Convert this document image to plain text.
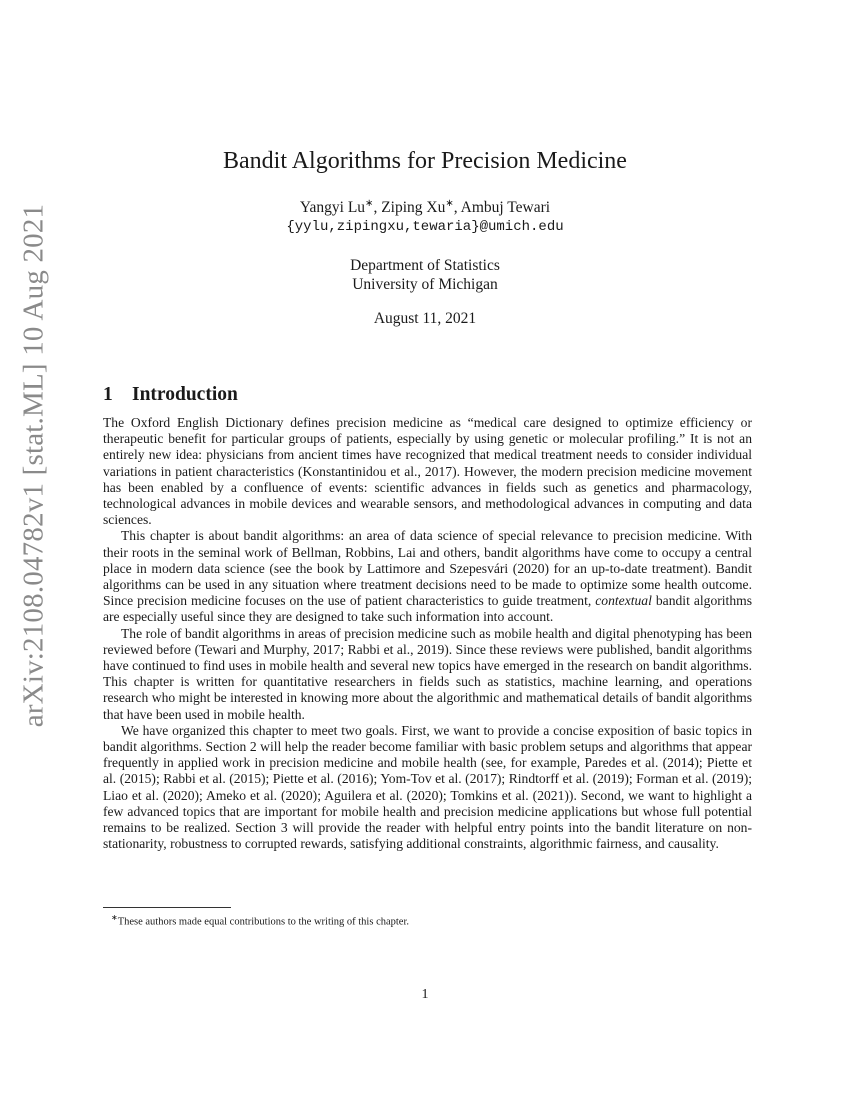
arXiv:2108.04782v1 [stat.ML] 10 Aug 2021
Bandit Algorithms for Precision Medicine
Yangyi Lu∗, Ziping Xu∗, Ambuj Tewari
{yylu,zipingxu,tewaria}@umich.edu
Department of Statistics
University of Michigan
August 11, 2021
1 Introduction

The Oxford English Dictionary defines precision medicine as “medical care designed to optimize efficiency or therapeutic benefit for particular groups of patients, especially by using genetic or molecular profiling.” It is not an entirely new idea: physicians from ancient times have recognized that medical treatment needs to consider individual variations in patient characteristics (Konstantinidou et al., 2017). However, the modern precision medicine movement has been enabled by a confluence of events: scientific advances in fields such as genetics and pharmacology, technological advances in mobile devices and wearable sensors, and methodological advances in computing and data sciences.

This chapter is about bandit algorithms: an area of data science of special relevance to precision medicine. With their roots in the seminal work of Bellman, Robbins, Lai and others, bandit algorithms have come to occupy a central place in modern data science (see the book by Lattimore and Szepesvári (2020) for an up-to-date treatment). Bandit algorithms can be used in any situation where treatment decisions need to be made to optimize some health outcome. Since precision medicine focuses on the use of patient characteristics to guide treatment, contextual bandit algorithms are especially useful since they are designed to take such information into account.

The role of bandit algorithms in areas of precision medicine such as mobile health and digital phenotyping has been reviewed before (Tewari and Murphy, 2017; Rabbi et al., 2019). Since these reviews were published, bandit algorithms have continued to find uses in mobile health and several new topics have emerged in the research on bandit algorithms. This chapter is written for quantitative researchers in fields such as statistics, machine learning, and operations research who might be interested in knowing more about the algorithmic and mathematical details of bandit algorithms that have been used in mobile health.

We have organized this chapter to meet two goals. First, we want to provide a concise exposition of basic topics in bandit algorithms. Section 2 will help the reader become familiar with basic problem setups and algorithms that appear frequently in applied work in precision medicine and mobile health (see, for example, Paredes et al. (2014); Piette et al. (2015); Rabbi et al. (2015); Piette et al. (2016); Yom-Tov et al. (2017); Rindtorff et al. (2019); Forman et al. (2019); Liao et al. (2020); Ameko et al. (2020); Aguilera et al. (2020); Tomkins et al. (2021)). Second, we want to highlight a few advanced topics that are important for mobile health and precision medicine applications but whose full potential remains to be realized. Section 3 will provide the reader with helpful entry points into the bandit literature on non-stationarity, robustness to corrupted rewards, satisfying additional constraints, algorithmic fairness, and causality.

∗These authors made equal contributions to the writing of this chapter.
1
